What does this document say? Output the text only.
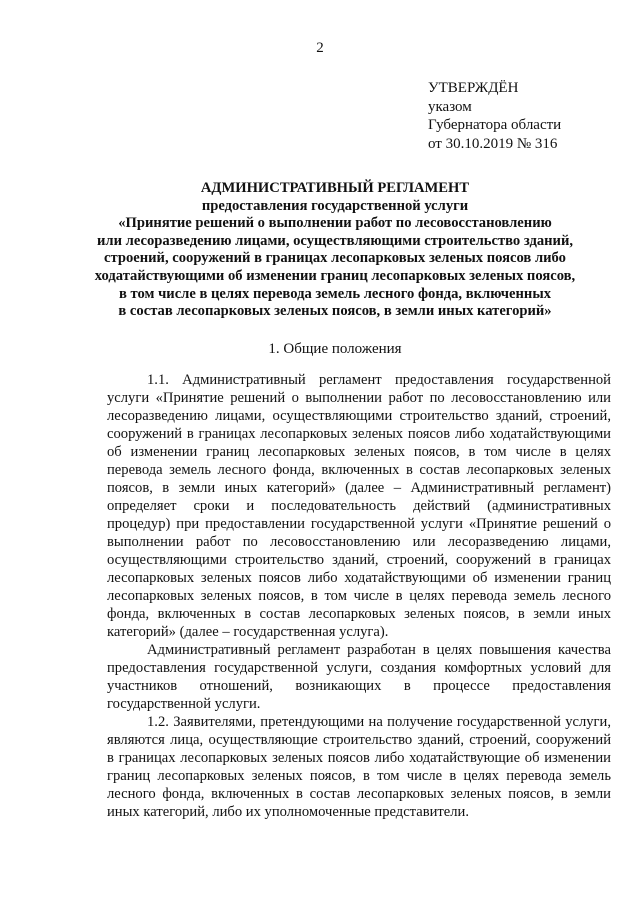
2
УТВЕРЖДЁН
указом
Губернатора области
от 30.10.2019 № 316
АДМИНИСТРАТИВНЫЙ РЕГЛАМЕНТ
предоставления государственной услуги
«Принятие решений о выполнении работ по лесовосстановлению
или лесоразведению лицами, осуществляющими строительство зданий,
строений, сооружений в границах лесопарковых зеленых поясов либо
ходатайствующими об изменении границ лесопарковых зеленых поясов,
в том числе в целях перевода земель лесного фонда, включенных
в состав лесопарковых зеленых поясов, в земли иных категорий»
1. Общие положения

1.1. Административный регламент предоставления государственной услуги «Принятие решений о выполнении работ по лесовосстановлению или лесоразведению лицами, осуществляющими строительство зданий, строений, сооружений в границах лесопарковых зеленых поясов либо ходатайствующими об изменении границ лесопарковых зеленых поясов, в том числе в целях перевода земель лесного фонда, включенных в состав лесопарковых зеленых поясов, в земли иных категорий» (далее – Административный регламент) определяет сроки и последовательность действий (административных процедур) при предоставлении государственной услуги «Принятие решений о выполнении работ по лесовосстановлению или лесоразведению лицами, осуществляющими строительство зданий, строений, сооружений в границах лесопарковых зеленых поясов либо ходатайствующими об изменении границ лесопарковых зеленых поясов, в том числе в целях перевода земель лесного фонда, включенных в состав лесопарковых зеленых поясов, в земли иных категорий» (далее – государственная услуга).

Административный регламент разработан в целях повышения качества предоставления государственной услуги, создания комфортных условий для участников отношений, возникающих в процессе предоставления государственной услуги.

1.2. Заявителями, претендующими на получение государственной услуги, являются лица, осуществляющие строительство зданий, строений, сооружений в границах лесопарковых зеленых поясов либо ходатайствующие об изменении границ лесопарковых зеленых поясов, в том числе в целях перевода земель лесного фонда, включенных в состав лесопарковых зеленых поясов, в земли иных категорий, либо их уполномоченные представители.
